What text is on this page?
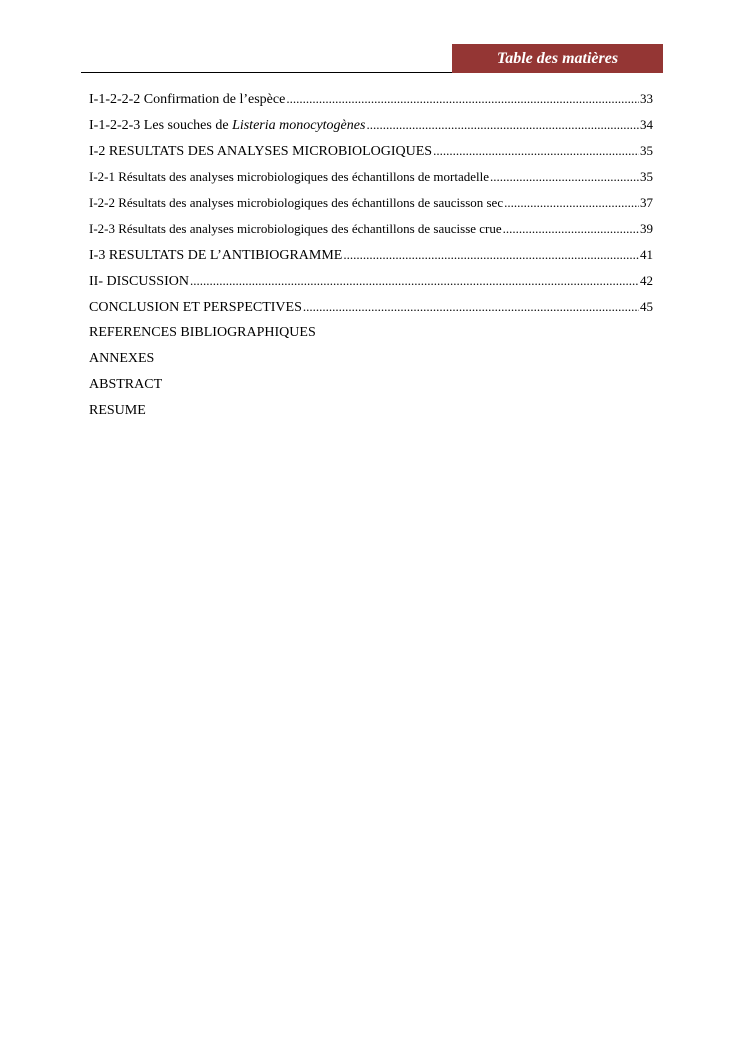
Table des matières
I-1-2-2-2 Confirmation de l’espèce .....	33
I-1-2-2-3 Les souches de Listeria monocytogènes .....	34
I-2 RESULTATS DES ANALYSES MICROBIOLOGIQUES .....	35
I-2-1 Résultats des analyses microbiologiques des échantillons de mortadelle .....	35
I-2-2 Résultats des analyses microbiologiques des échantillons de saucisson sec .....	37
I-2-3 Résultats des analyses microbiologiques des échantillons de saucisse crue .....	39
I-3 RESULTATS DE L’ANTIBIOGRAMME .....	41
II- DISCUSSION .....	42
CONCLUSION ET PERSPECTIVES .....	45
REFERENCES BIBLIOGRAPHIQUES
ANNEXES
ABSTRACT
RESUME
